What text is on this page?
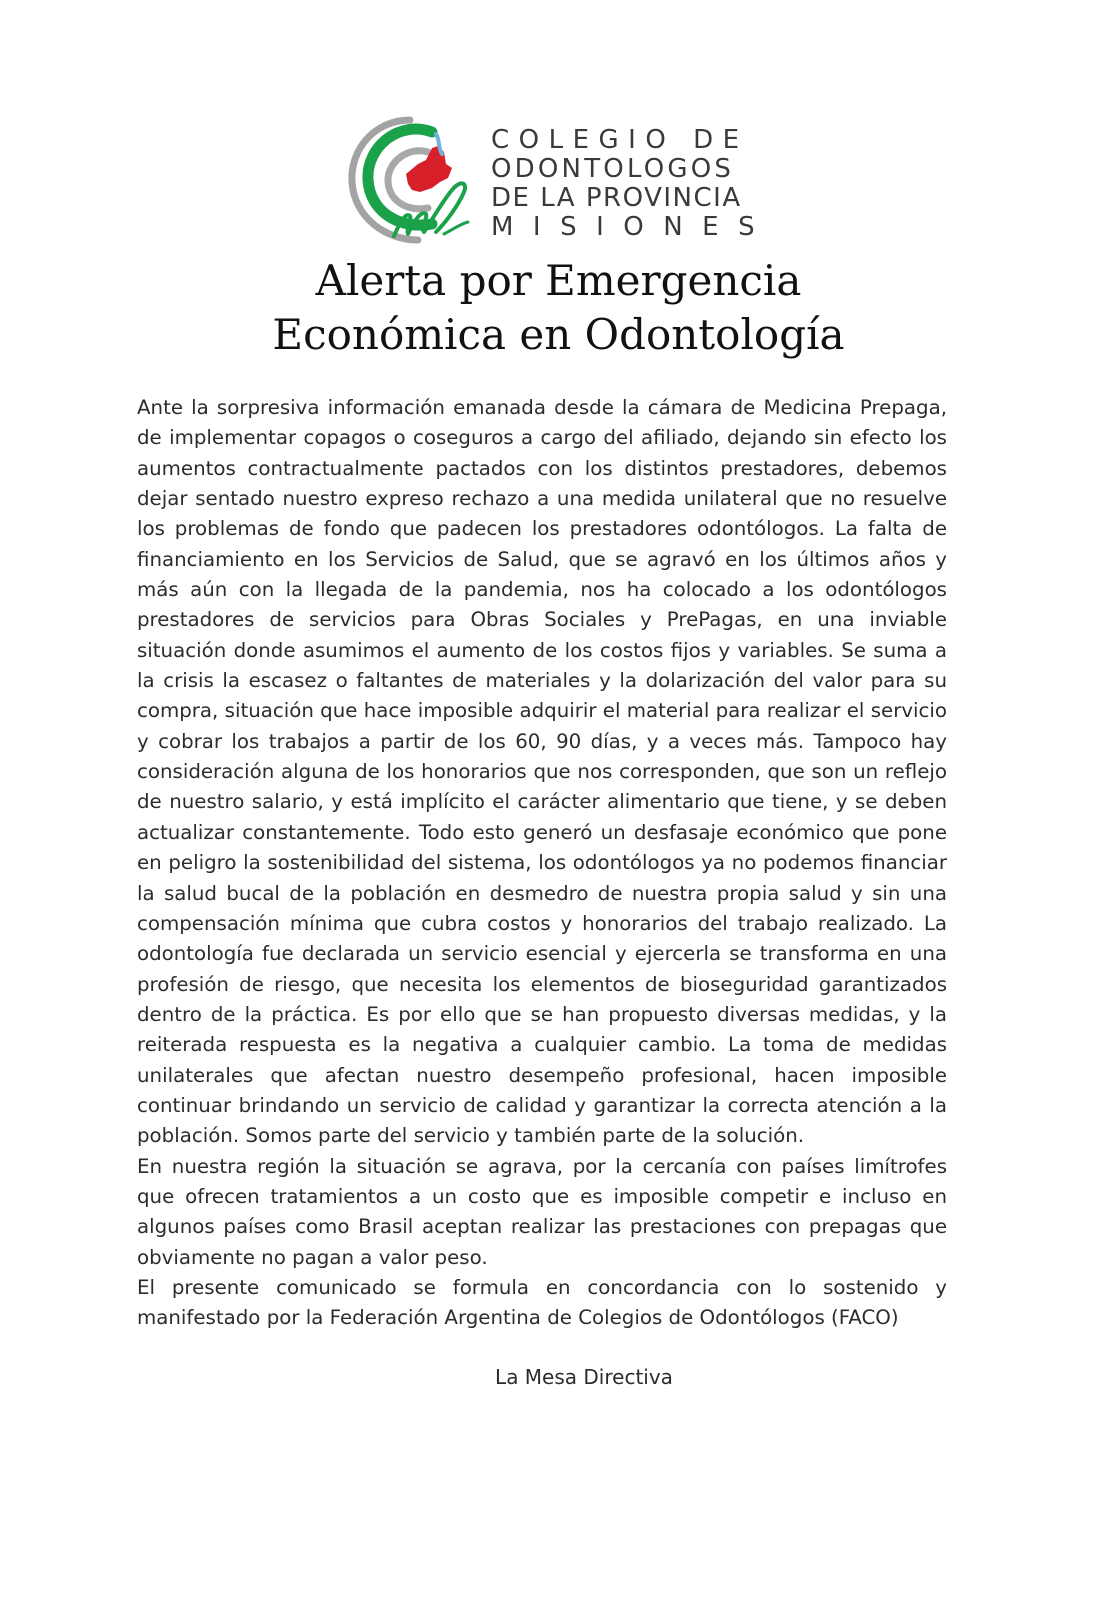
COLEGIO DE
ODONTOLOGOS
DE LA PROVINCIA
MISIONES
Alerta por Emergencia
Económica en Odontología

Ante la sorpresiva información emanada desde la cámara de Medicina Prepaga, de implementar copagos o coseguros a cargo del afiliado, dejando sin efecto los aumentos contractualmente pactados con los distintos prestadores, debemos dejar sentado nuestro expreso rechazo a una medida unilateral que no resuelve los problemas de fondo que padecen los prestadores odontólogos. La falta de financiamiento en los Servicios de Salud, que se agravó en los últimos años y más aún con la llegada de la pandemia, nos ha colocado a los odontólogos prestadores de servicios para Obras Sociales y PrePagas, en una inviable situación donde asumimos el aumento de los costos fijos y variables. Se suma a la crisis la escasez o faltantes de materiales y la dolarización del valor para su compra, situación que hace imposible adquirir el material para realizar el servicio y cobrar los trabajos a partir de los 60, 90 días, y a veces más. Tampoco hay consideración alguna de los honorarios que nos corresponden, que son un reflejo de nuestro salario, y está implícito el carácter alimentario que tiene, y se deben actualizar constantemente. Todo esto generó un desfasaje económico que pone en peligro la sostenibilidad del sistema, los odontólogos ya no podemos financiar la salud bucal de la población en desmedro de nuestra propia salud y sin una compensación mínima que cubra costos y honorarios del trabajo realizado. La odontología fue declarada un servicio esencial y ejercerla se transforma en una profesión de riesgo, que necesita los elementos de bioseguridad garantizados dentro de la práctica. Es por ello que se han propuesto diversas medidas, y la reiterada respuesta es la negativa a cualquier cambio. La toma de medidas unilaterales que afectan nuestro desempeño profesional, hacen imposible continuar brindando un servicio de calidad y garantizar la correcta atención a la población. Somos parte del servicio y también parte de la solución.

En nuestra región la situación se agrava, por la cercanía con países limítrofes que ofrecen tratamientos a un costo que es imposible competir e incluso en algunos países como Brasil aceptan realizar las prestaciones con prepagas que obviamente no pagan a valor peso.

El presente comunicado se formula en concordancia con lo sostenido y manifestado por la Federación Argentina de Colegios de Odontólogos (FACO)

La Mesa Directiva
